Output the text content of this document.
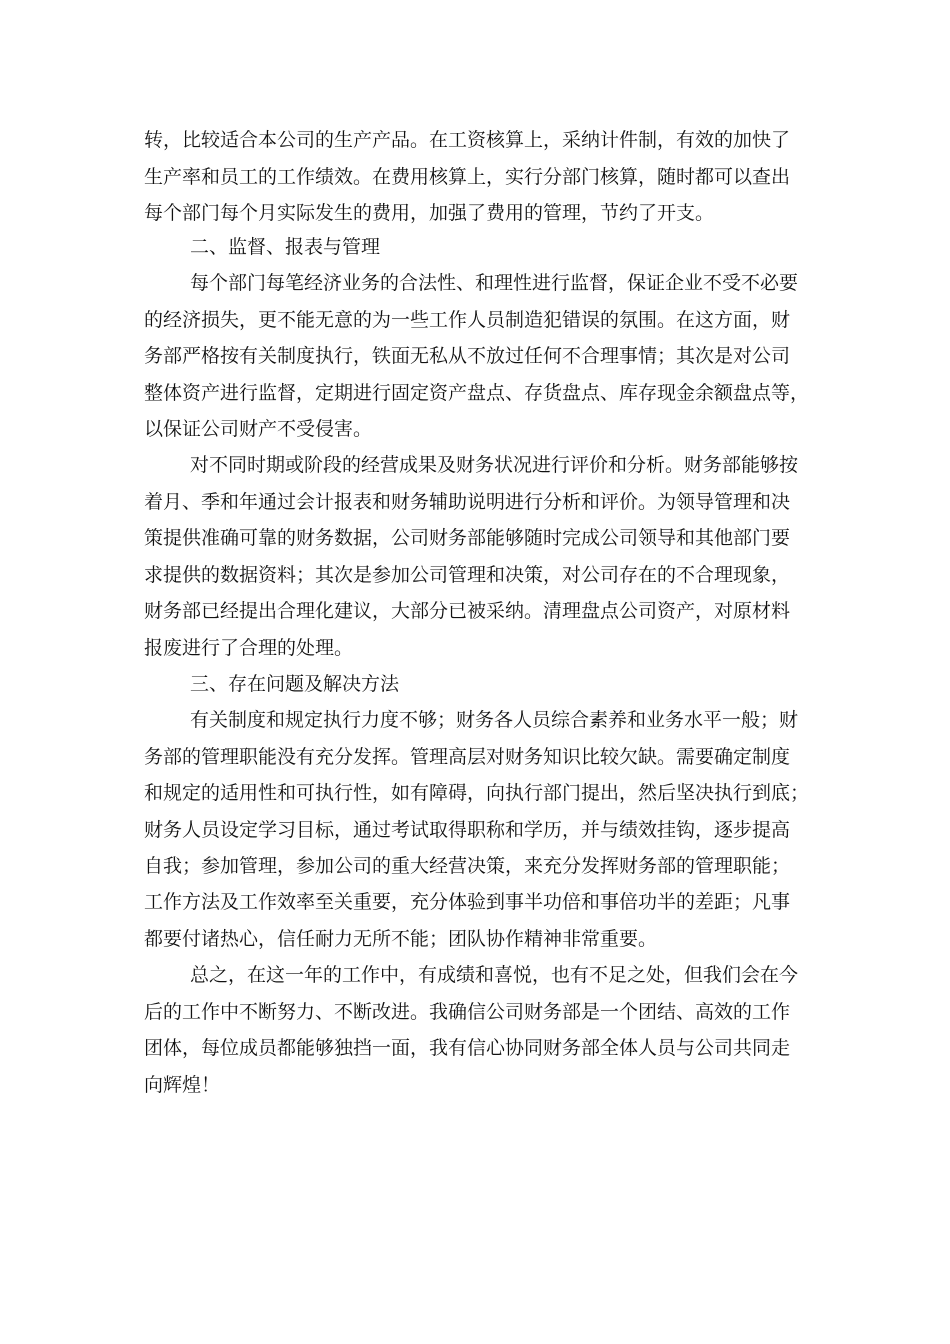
转，比较适合本公司的生产产品。在工资核算上，采纳计件制，有效的加快了
生产率和员工的工作绩效。在费用核算上，实行分部门核算，随时都可以查出
每个部门每个月实际发生的费用，加强了费用的管理，节约了开支。
二、监督、报表与管理
每个部门每笔经济业务的合法性、和理性进行监督，保证企业不受不必要
的经济损失，更不能无意的为一些工作人员制造犯错误的氛围。在这方面，财
务部严格按有关制度执行，铁面无私从不放过任何不合理事情；其次是对公司
整体资产进行监督，定期进行固定资产盘点、存货盘点、库存现金余额盘点等，
以保证公司财产不受侵害。
对不同时期或阶段的经营成果及财务状况进行评价和分析。财务部能够按
着月、季和年通过会计报表和财务辅助说明进行分析和评价。为领导管理和决
策提供准确可靠的财务数据，公司财务部能够随时完成公司领导和其他部门要
求提供的数据资料；其次是参加公司管理和决策，对公司存在的不合理现象，
财务部已经提出合理化建议，大部分已被采纳。清理盘点公司资产，对原材料
报废进行了合理的处理。
三、存在问题及解决方法
有关制度和规定执行力度不够；财务各人员综合素养和业务水平一般；财
务部的管理职能没有充分发挥。管理高层对财务知识比较欠缺。需要确定制度
和规定的适用性和可执行性，如有障碍，向执行部门提出，然后坚决执行到底；
财务人员设定学习目标，通过考试取得职称和学历，并与绩效挂钩，逐步提高
自我；参加管理，参加公司的重大经营决策，来充分发挥财务部的管理职能；
工作方法及工作效率至关重要，充分体验到事半功倍和事倍功半的差距；凡事
都要付诸热心，信任耐力无所不能；团队协作精神非常重要。
总之，在这一年的工作中，有成绩和喜悦，也有不足之处，但我们会在今
后的工作中不断努力、不断改进。我确信公司财务部是一个团结、高效的工作
团体，每位成员都能够独挡一面，我有信心协同财务部全体人员与公司共同走
向辉煌！
